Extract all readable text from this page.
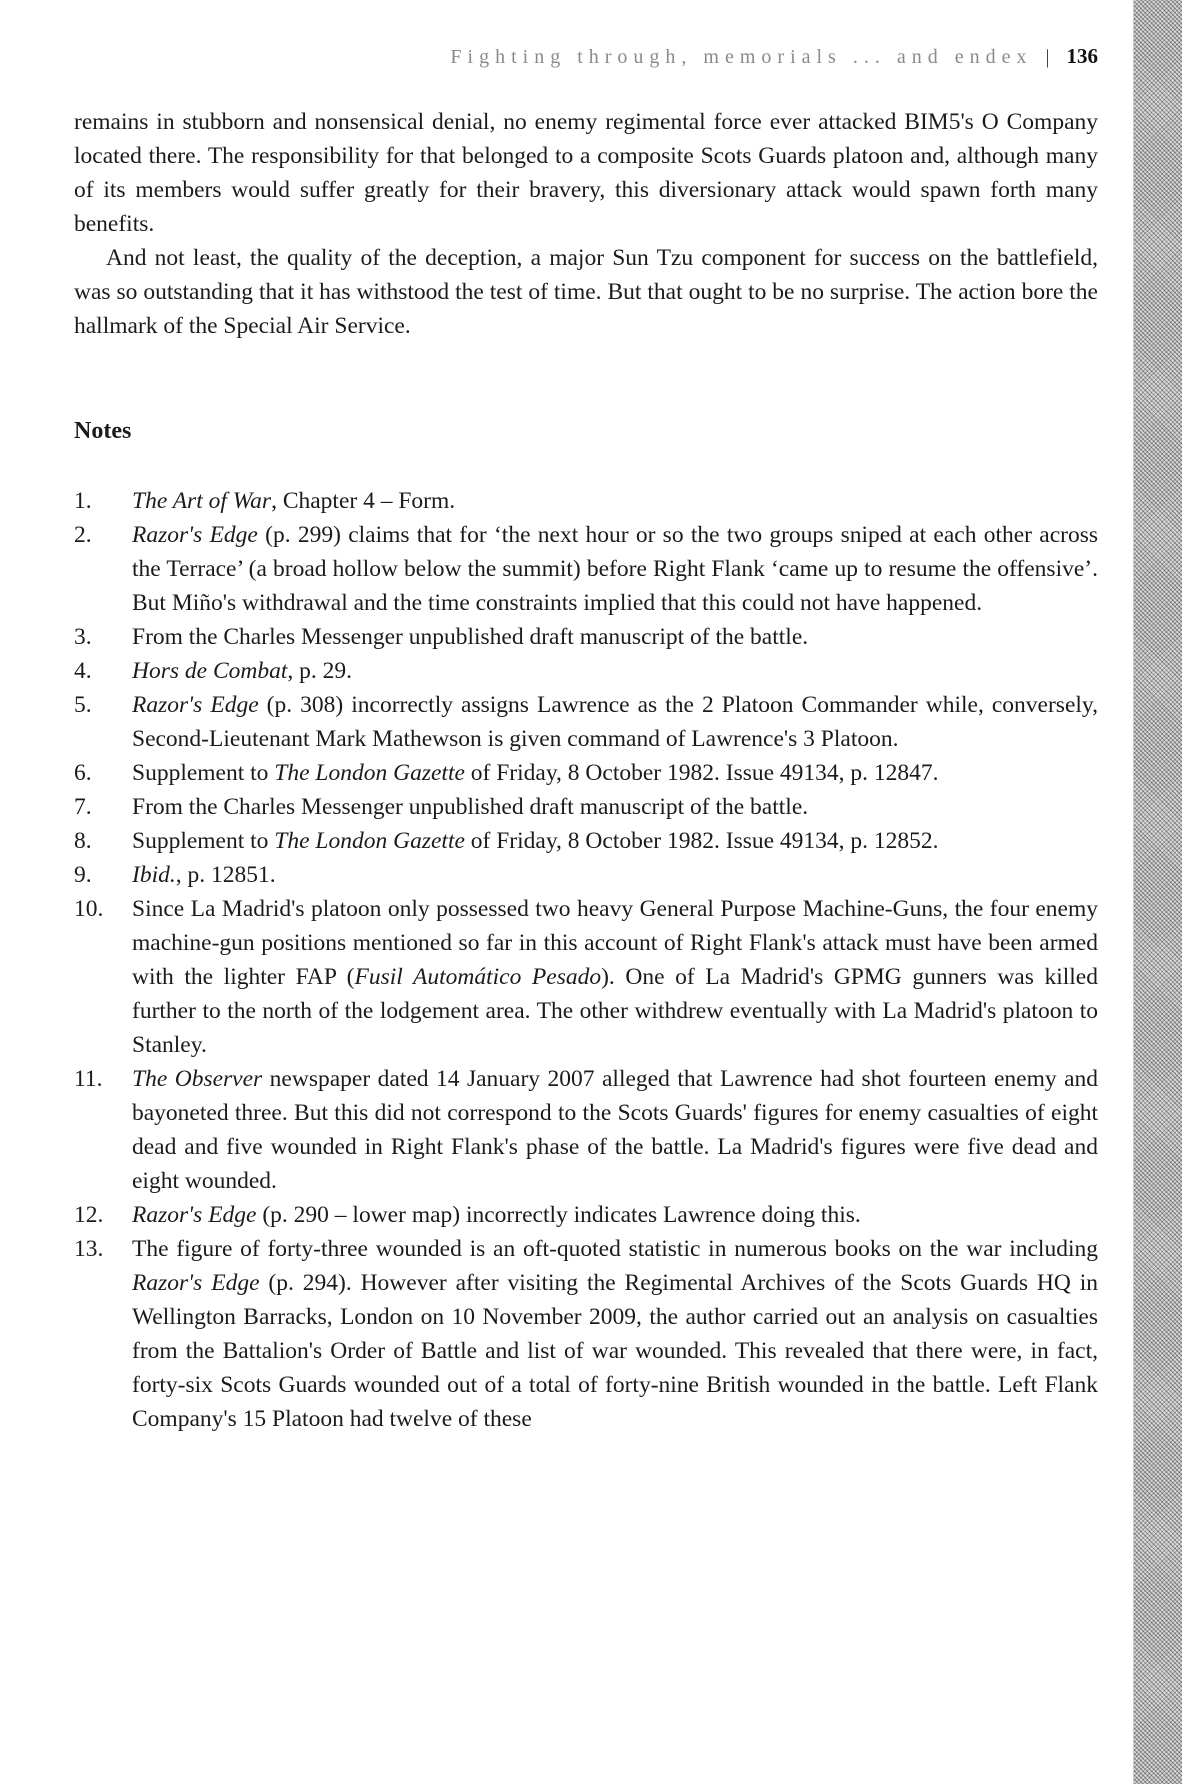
Fighting through, memorials ... and endex | 136

remains in stubborn and nonsensical denial, no enemy regimental force ever attacked BIM5's O Company located there. The responsibility for that belonged to a composite Scots Guards platoon and, although many of its members would suffer greatly for their bravery, this diversionary attack would spawn forth many benefits.

And not least, the quality of the deception, a major Sun Tzu component for success on the battlefield, was so outstanding that it has withstood the test of time. But that ought to be no surprise. The action bore the hallmark of the Special Air Service.

Notes
1. The Art of War, Chapter 4 – Form.
2. Razor's Edge (p. 299) claims that for ‘the next hour or so the two groups sniped at each other across the Terrace’ (a broad hollow below the summit) before Right Flank ‘came up to resume the offensive’. But Miño's withdrawal and the time constraints implied that this could not have happened.
3. From the Charles Messenger unpublished draft manuscript of the battle.
4. Hors de Combat, p. 29.
5. Razor's Edge (p. 308) incorrectly assigns Lawrence as the 2 Platoon Commander while, conversely, Second-Lieutenant Mark Mathewson is given command of Lawrence's 3 Platoon.
6. Supplement to The London Gazette of Friday, 8 October 1982. Issue 49134, p. 12847.
7. From the Charles Messenger unpublished draft manuscript of the battle.
8. Supplement to The London Gazette of Friday, 8 October 1982. Issue 49134, p. 12852.
9. Ibid., p. 12851.
10. Since La Madrid's platoon only possessed two heavy General Purpose Machine-Guns, the four enemy machine-gun positions mentioned so far in this account of Right Flank's attack must have been armed with the lighter FAP (Fusil Automático Pesado). One of La Madrid's GPMG gunners was killed further to the north of the lodgement area. The other withdrew eventually with La Madrid's platoon to Stanley.
11. The Observer newspaper dated 14 January 2007 alleged that Lawrence had shot fourteen enemy and bayoneted three. But this did not correspond to the Scots Guards' figures for enemy casualties of eight dead and five wounded in Right Flank's phase of the battle. La Madrid's figures were five dead and eight wounded.
12. Razor's Edge (p. 290 – lower map) incorrectly indicates Lawrence doing this.
13. The figure of forty-three wounded is an oft-quoted statistic in numerous books on the war including Razor's Edge (p. 294). However after visiting the Regimental Archives of the Scots Guards HQ in Wellington Barracks, London on 10 November 2009, the author carried out an analysis on casualties from the Battalion's Order of Battle and list of war wounded. This revealed that there were, in fact, forty-six Scots Guards wounded out of a total of forty-nine British wounded in the battle. Left Flank Company's 15 Platoon had twelve of these
